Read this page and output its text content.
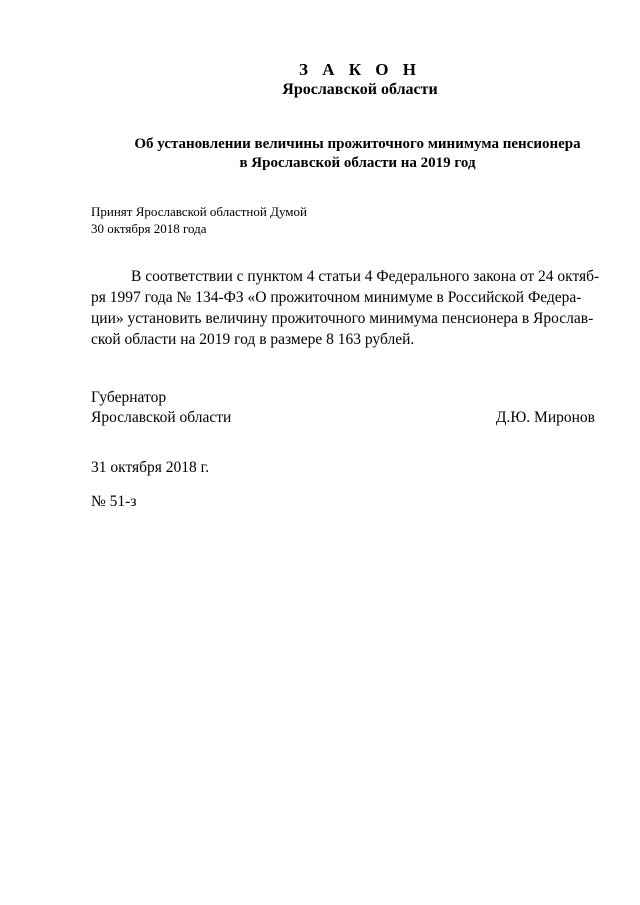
З А К О Н
Ярославской области
Об установлении величины прожиточного минимума пенсионера
в Ярославской области на 2019 год
Принят Ярославской областной Думой
30 октября 2018 года
В соответствии с пунктом 4 статьи 4 Федерального закона от 24 октяб-
ря 1997 года № 134-ФЗ «О прожиточном минимуме в Российской Федера-
ции» установить величину прожиточного минимума пенсионера в Ярослав-
ской области на 2019 год в размере 8 163 рублей.
Губернатор
Ярославской области	Д.Ю. Миронов
31 октября 2018 г.
№ 51-з
